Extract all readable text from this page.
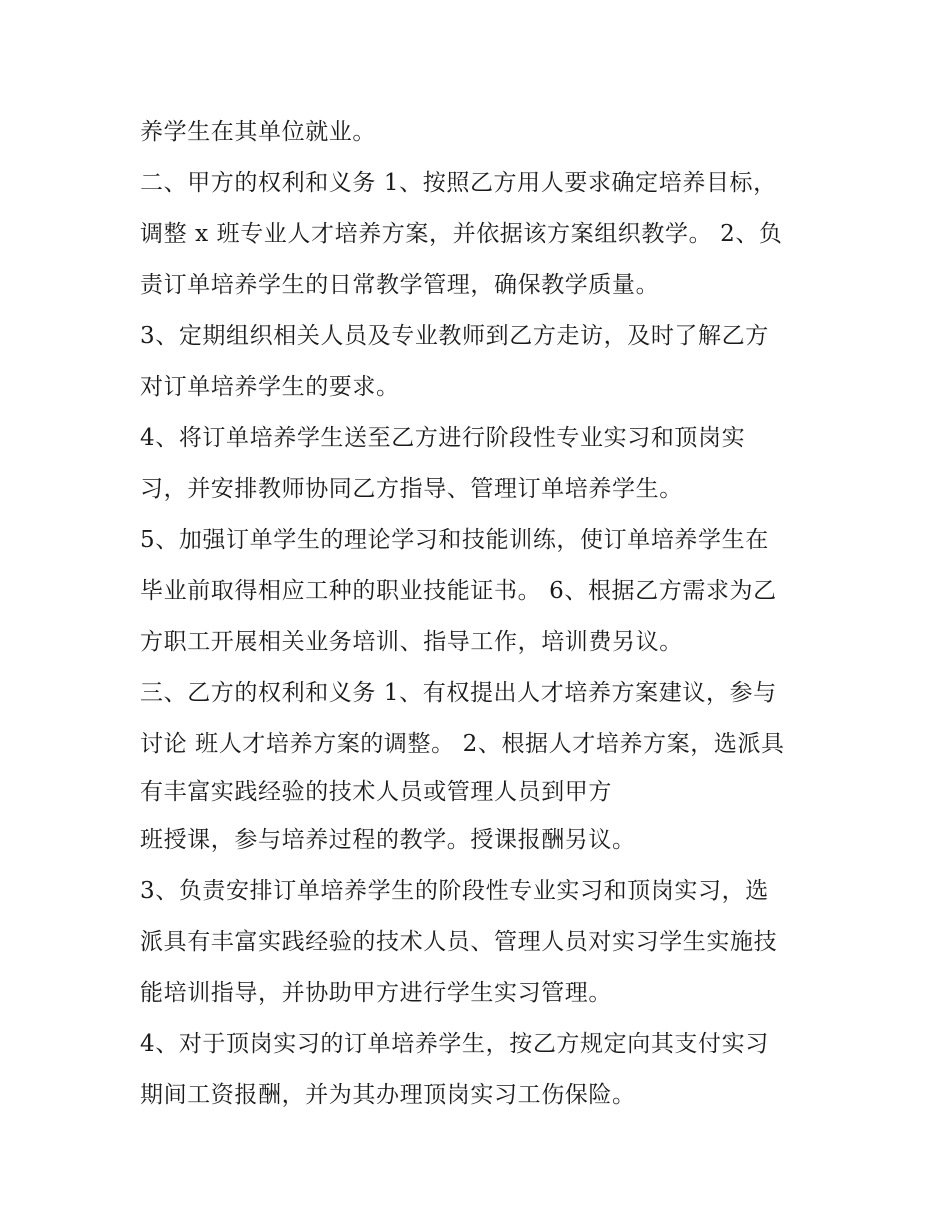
养学生在其单位就业。
二、甲方的权利和义务 1、按照乙方用人要求确定培养目标，
调整 x 班专业人才培养方案，并依据该方案组织教学。 2、负
责订单培养学生的日常教学管理，确保教学质量。
3、定期组织相关人员及专业教师到乙方走访，及时了解乙方
对订单培养学生的要求。
4、将订单培养学生送至乙方进行阶段性专业实习和顶岗实
习，并安排教师协同乙方指导、管理订单培养学生。
5、加强订单学生的理论学习和技能训练，使订单培养学生在
毕业前取得相应工种的职业技能证书。 6、根据乙方需求为乙
方职工开展相关业务培训、指导工作，培训费另议。
三、乙方的权利和义务 1、有权提出人才培养方案建议，参与
讨论 班人才培养方案的调整。 2、根据人才培养方案，选派具
有丰富实践经验的技术人员或管理人员到甲方
班授课，参与培养过程的教学。授课报酬另议。
3、负责安排订单培养学生的阶段性专业实习和顶岗实习，选
派具有丰富实践经验的技术人员、管理人员对实习学生实施技
能培训指导，并协助甲方进行学生实习管理。
4、对于顶岗实习的订单培养学生，按乙方规定向其支付实习
期间工资报酬，并为其办理顶岗实习工伤保险。
